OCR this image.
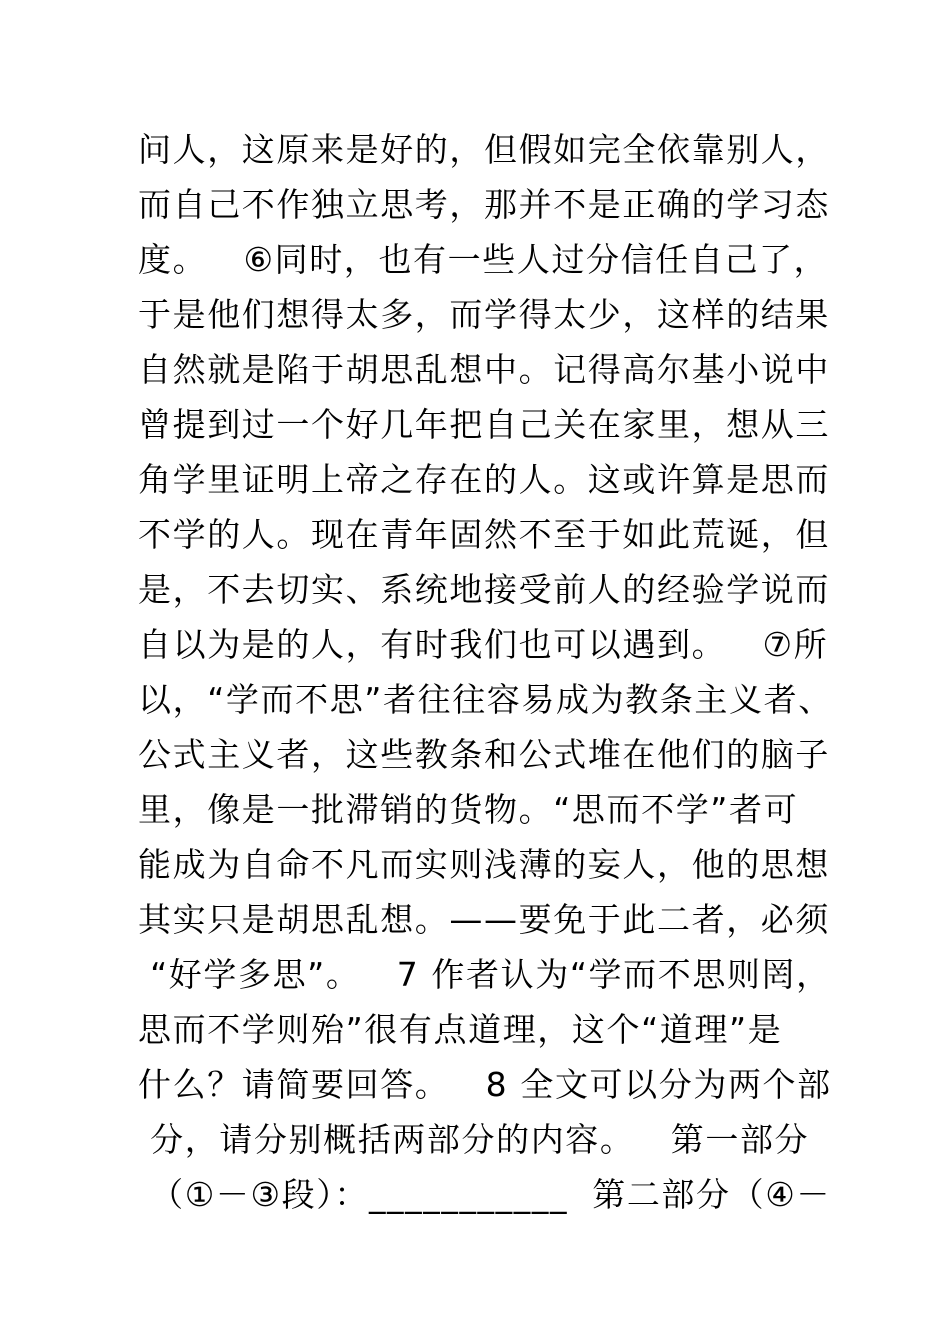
问人，这原来是好的，但假如完全依靠别人，
而自己不作独立思考，那并不是正确的学习态
度。   ⑥同时，也有一些人过分信任自己了，
于是他们想得太多，而学得太少，这样的结果
自然就是陷于胡思乱想中。记得高尔基小说中
曾提到过一个好几年把自己关在家里，想从三
角学里证明上帝之存在的人。这或许算是思而
不学的人。现在青年固然不至于如此荒诞，但
是，不去切实、系统地接受前人的经验学说而
自以为是的人，有时我们也可以遇到。   ⑦所
以，“学而不思”者往往容易成为教条主义者、
公式主义者，这些教条和公式堆在他们的脑子
里，像是一批滞销的货物。“思而不学”者可
能成为自命不凡而实则浅薄的妄人，他的思想
其实只是胡思乱想。——要免于此二者，必须
“好学多思”。   7 作者认为“学而不思则罔，
思而不学则殆”很有点道理，这个“道理”是
什么？请简要回答。   8 全文可以分为两个部
分，请分别概括两部分的内容。   第一部分
（①－③段）：___________  第二部分（④－
